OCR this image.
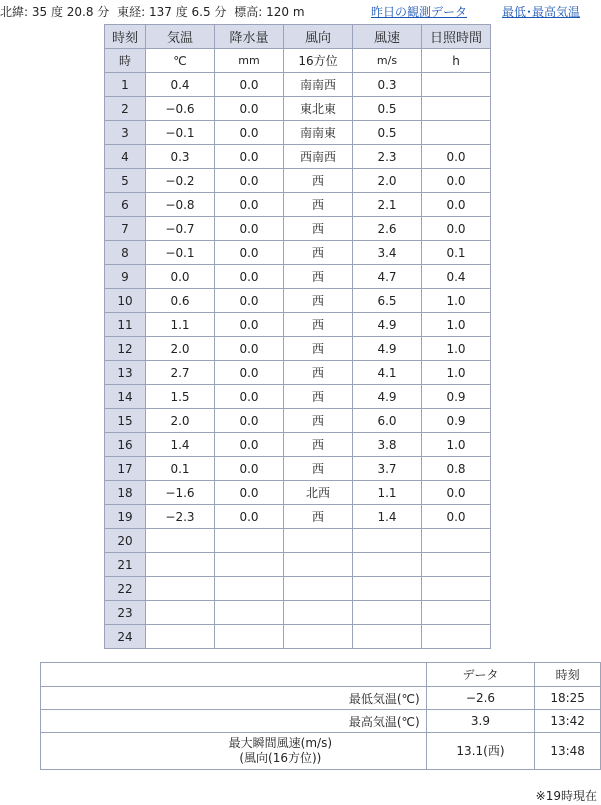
北緯: 35 度 20.8 分 東経: 137 度 6.5 分 標高: 120 m	昨日の観測データ	最低･最高気温
時刻	気温	降水量	風向	風速	日照時間
時	℃	mm	16方位	m/s	h
1	0.4	0.0	南南西	0.3	
2	−0.6	0.0	東北東	0.5	
3	−0.1	0.0	南南東	0.5	
4	0.3	0.0	西南西	2.3	0.0
5	−0.2	0.0	西	2.0	0.0
6	−0.8	0.0	西	2.1	0.0
7	−0.7	0.0	西	2.6	0.0
8	−0.1	0.0	西	3.4	0.1
9	0.0	0.0	西	4.7	0.4
10	0.6	0.0	西	6.5	1.0
11	1.1	0.0	西	4.9	1.0
12	2.0	0.0	西	4.9	1.0
13	2.7	0.0	西	4.1	1.0
14	1.5	0.0	西	4.9	0.9
15	2.0	0.0	西	6.0	0.9
16	1.4	0.0	西	3.8	1.0
17	0.1	0.0	西	3.7	0.8
18	−1.6	0.0	北西	1.1	0.0
19	−2.3	0.0	西	1.4	0.0
20					
21					
22					
23					
24					
	データ	時刻
最低気温(℃)	−2.6	18:25
最高気温(℃)	3.9	13:42

最大瞬間風速(m/s)
(風向(16方位))	13.1(西)	13:48
※19時現在
